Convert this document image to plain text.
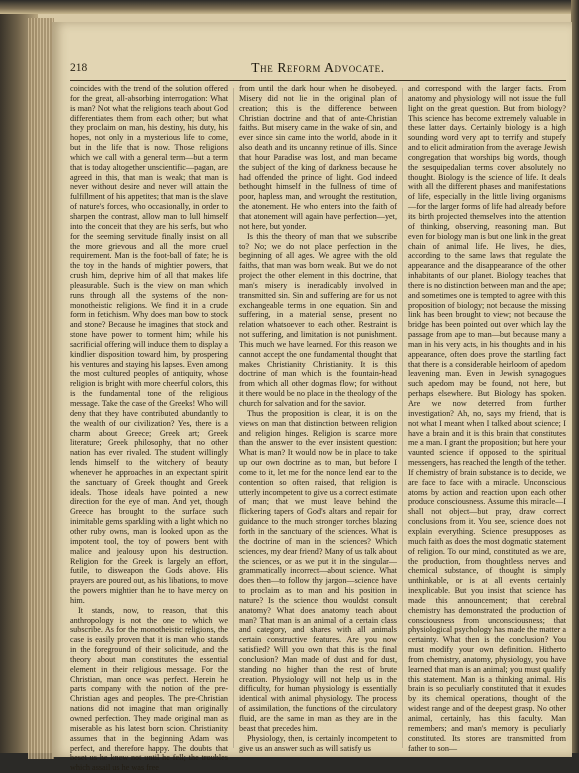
218	The Reform Advocate.

coincides with the trend of the solution offered for the great, all-absorbing interrogation: What is man? Not what the religions teach about God differentiates them from each other; but what they proclaim on man, his destiny, his duty, his hopes, not only in a mysterious life to come, but in the life that is now. Those religions which we call with a general term—but a term that is today altogether unscientific—pagan, are agreed in this, that man is weak; that man is never without desire and never will attain the fulfillment of his appetites; that man is the slave of nature's forces, who occasionally, in order to sharpen the contrast, allow man to lull himself into the conceit that they are his serfs, but who for the seeming servitude finally insist on all the more grievous and all the more cruel requirement. Man is the foot-ball of fate; he is the toy in the hands of mightier powers, that crush him, deprive him of all that makes life pleasurable. Such is the view on man which runs through all the systems of the non-monotheistic religions. We find it in a crude form in fetichism. Why does man bow to stock and stone? Because he imagines that stock and stone have power to torment him; while his sacrificial offering will induce them to display a kindlier disposition toward him, by prospering his ventures and staying his lapses. Even among the most cultured peoples of antiquity, whose religion is bright with more cheerful colors, this is the fundamental tone of the religious message. Take the case of the Greeks! Who will deny that they have contributed abundantly to the wealth of our civilization? Yes, there is a charm about Greece; Greek art; Greek literature; Greek philosophy, that no other nation has ever rivaled. The student willingly lends himself to the witchery of beauty whenever he approaches in an expectant spirit the sanctuary of Greek thought and Greek ideals. Those ideals have pointed a new direction for the eye of man. And yet, though Greece has brought to the surface such inimitable gems sparkling with a light which no other ruby owns, man is looked upon as the impotent tool, the toy of powers bent with malice and jealousy upon his destruction. Religion for the Greek is largely an effort, futile, to disweapon the Gods above. His prayers are poured out, as his libations, to move the powers mightier than he to have mercy on him.

It stands, now, to reason, that this anthropology is not the one to which we subscribe. As for the monotheistic religions, the case is easily proven that it is man who stands in the foreground of their solicitude, and the theory about man constitutes the essential element in their religious message. For the Christian, man once was perfect. Herein he parts company with the notion of the pre-Christian ages and peoples. The pre-Christian nations did not imagine that man originally owned perfection. They made original man as miserable as his latest born scion. Christianity assumes that in the beginning Adam was perfect, and therefore happy. The doubts that beset us he knew not until he fell; the troubles which assail us he was free

from until the dark hour when he disobeyed. Misery did not lie in the original plan of creation; this is the difference between Christian doctrine and that of ante-Christian faiths. But misery came in the wake of sin, and ever since sin came into the world, abode in it also death and its uncanny retinue of ills. Since that hour Paradise was lost, and man became the subject of the king of darkness because he had offended the prince of light. God indeed bethought himself in the fullness of time of poor, hapless man, and wrought the restitution, the atonement. He who enters into the faith of that atonement will again have perfection—yet, not here, but yonder.

Is this the theory of man that we subscribe to? No; we do not place perfection in the beginning of all ages. We agree with the old faiths, that man was born weak. But we do not project the other element in this doctrine, that man's misery is ineradicably involved in transmitted sin. Sin and suffering are for us not exchangeable terms in one equation. Sin and suffering, in a material sense, present no relation whatsoever to each other. Restraint is not suffering, and limitation is not punishment. This much we have learned. For this reason we cannot accept the one fundamental thought that makes Christianity Christianity. It is this doctrine of man which is the fountain-head from which all other dogmas flow; for without it there would be no place in the theology of the church for salvation and for the savior.

Thus the proposition is clear, it is on the views on man that distinction between religion and religion hinges. Religion is scarce more than the answer to the ever insistent question: What is man? It would now be in place to take up our own doctrine as to man, but before I come to it, let me for the nonce lend ear to the contention so often raised, that religion is utterly incompetent to give us a correct estimate of man; that we must leave behind the flickering tapers of God's altars and repair for guidance to the much stronger torches blazing forth in the sanctuary of the sciences. What is the doctrine of man in the sciences? Which sciences, my dear friend? Many of us talk about the sciences, or as we put it in the singular—grammatically incorrect—about science. What does then—to follow thy jargon—science have to proclaim as to man and his position in nature? Is the science thou wouldst consult anatomy? What does anatomy teach about man? That man is an animal of a certain class and category, and shares with all animals certain constructive features. Are you now satisfied? Will you own that this is the final conclusion? Man made of dust and for dust, standing no higher than the rest of brute creation. Physiology will not help us in the difficulty, for human physiology is essentially identical with animal physiology. The process of assimilation, the functions of the circulatory fluid, are the same in man as they are in the beast that precedes him.

Physiology, then, is certainly incompetent to give us an answer such as will satisfy us

and correspond with the larger facts. From anatomy and physiology will not issue the full light on the great question. But from biology? This science has become extremely valuable in these latter days. Certainly biology is a high sounding word very apt to terrify and stupefy and to elicit admiration from the average Jewish congregation that worships big words, though the sesquipedalian terms cover absolutely no thought. Biology is the science of life. It deals with all the different phases and manifestations of life, especially in the little living organisms—for the larger forms of life had already before its birth projected themselves into the attention of thinking, observing, reasoning man. But even for biology man is but one link in the great chain of animal life. He lives, he dies, according to the same laws that regulate the appearance and the disappearance of the other inhabitants of our planet. Biology teaches that there is no distinction between man and the ape; and sometimes one is tempted to agree with this proposition of biology; not because the missing link has been brought to view; not because the bridge has been pointed out over which lay the passage from ape to man—but because many a man in his very acts, in his thoughts and in his appearance, often does prove the startling fact that there is a considerable heirloom of apedom leavening man. Even in Jewish synagogues such apedom may be found, not here, but perhaps elsewhere. But Biology has spoken. Are we now deterred from further investigation? Ah, no, says my friend, that is not what I meant when I talked about science; I have a brain and it is this brain that constitutes me a man. I grant the proposition; but here your vaunted science if opposed to the spiritual messengers, has reached the length of the tether. If chemistry of brain substance is to decide, we are face to face with a miracle. Unconscious atoms by action and reaction upon each other produce consciousness. Assume this miracle—I shall not object—but pray, draw correct conclusions from it. You see, science does not explain everything. Science presupposes as much faith as does the most dogmatic statement of religion. To our mind, constituted as we are, the production, from thoughtless nerves and chemical substance, of thought is simply unthinkable, or is at all events certainly inexplicable. But you insist that science has made this announcement; that cerebral chemistry has demonstrated the production of consciousness from unconsciousness; that physiological psychology has made the matter a certainty. What then is the conclusion? You must modify your own definition. Hitherto from chemistry, anatomy, physiology, you have learned that man is an animal; you must qualify this statement. Man is a thinking animal. His brain is so peculiarly constituted that it exudes by its chemical operations, thought of the widest range and of the deepest grasp. No other animal, certainly, has this faculty. Man remembers; and man's memory is peculiarly constituted. Its stores are transmitted from father to son—
